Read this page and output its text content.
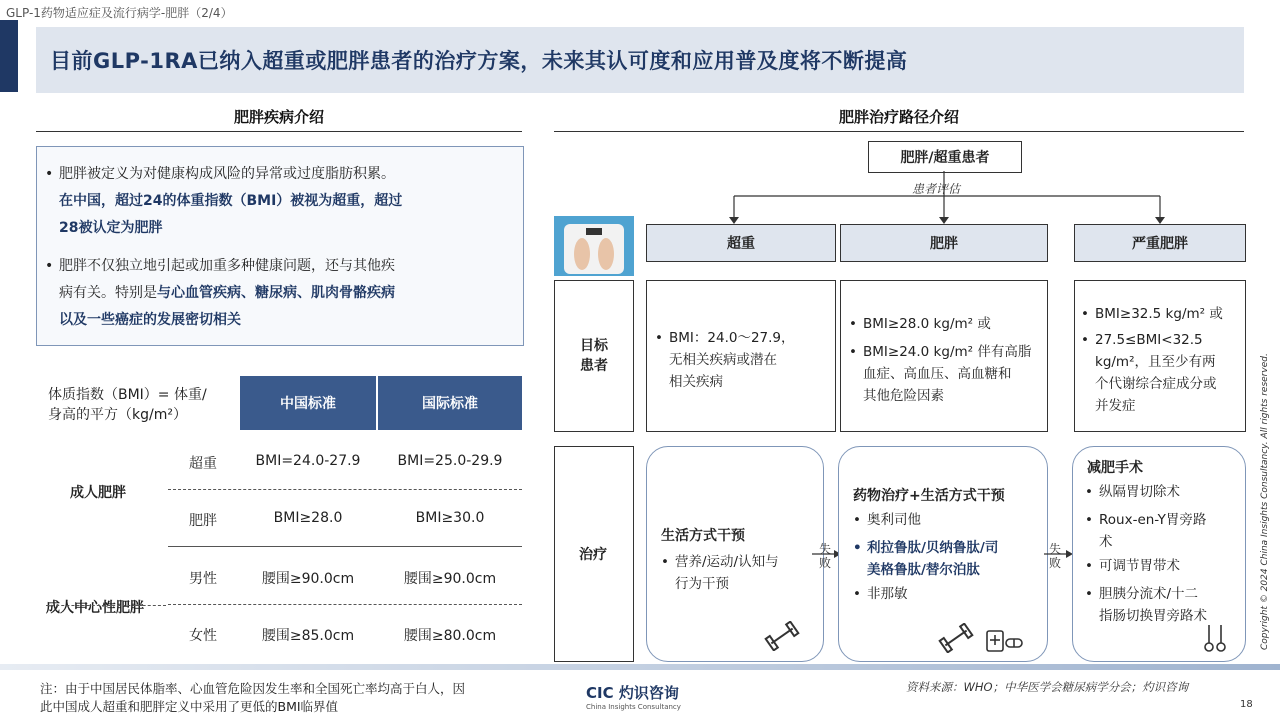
GLP-1药物适应症及流行病学-肥胖（2/4）
目前GLP-1RA已纳入超重或肥胖患者的治疗方案，未来其认可度和应用普及度将不断提高
肥胖疾病介绍
• 肥胖被定义为对健康构成风险的异常或过度脂肪积累。
在中国，超过24的体重指数（BMI）被视为超重，超过
28被认定为肥胖
• 肥胖不仅独立地引起或加重多种健康问题，还与其他疾
病有关。特别是与心血管疾病、糖尿病、肌肉骨骼疾病
以及一些癌症的发展密切相关
体质指数（BMI）= 体重/
身高的平方（kg/m²）
中国标准	国际标准
成人肥胖
成人中心性肥胖
超重	BMI=24.0-27.9	BMI=25.0-29.9
肥胖	BMI≥28.0	BMI≥30.0
男性	腰围≥90.0cm	腰围≥90.0cm
女性	腰围≥85.0cm	腰围≥80.0cm
肥胖治疗路径介绍
肥胖/超重患者
患者评估
超重	肥胖	严重肥胖
目标患者
• BMI：24.0～27.9，
无相关疾病或潜在
相关疾病
• BMI≥28.0 kg/m² 或
• BMI≥24.0 kg/m² 伴有高脂
血症、高血压、高血糖和
其他危险因素
• BMI≥32.5 kg/m² 或
• 27.5≤BMI<32.5
kg/m²，且至少有两
个代谢综合症成分或
并发症
治疗
生活方式干预
• 营养/运动/认知与
行为干预
失败
药物治疗+生活方式干预
• 奥利司他
• 利拉鲁肽/贝纳鲁肽/司
美格鲁肽/替尔泊肽
• 非那敏
失败
减肥手术
• 纵隔胃切除术
• Roux-en-Y胃旁路
术
• 可调节胃带术
• 胆胰分流术/十二
指肠切换胃旁路术
注：由于中国居民体脂率、心血管危险因发生率和全国死亡率均高于白人，因
此中国成人超重和肥胖定义中采用了更低的BMI临界值
CIC 灼识咨询
China Insights Consultancy
资料来源：WHO；中华医学会糖尿病学分会；灼识咨询
18
Copyright © 2024 China Insights Consultancy. All rights reserved.
